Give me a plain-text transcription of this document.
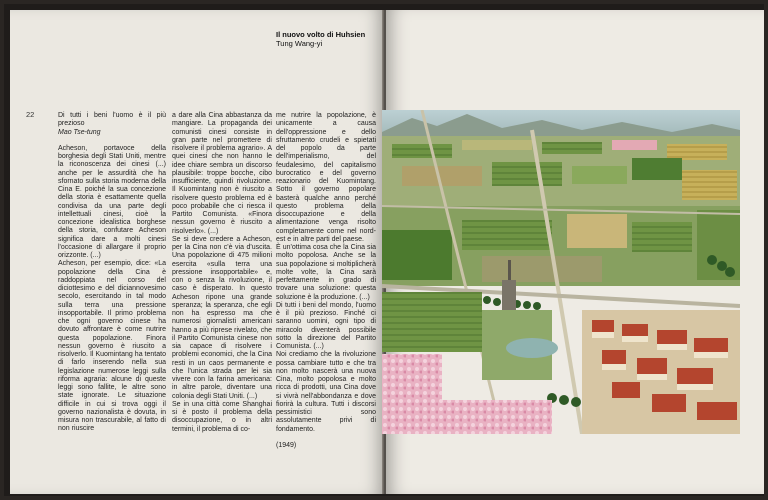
22
Il nuovo volto di Huhsien
Tung Wang-yi

Di tutti i beni l'uomo è il più prezioso

Mao Tse-tung

Acheson, portavoce della borghesia degli Stati Uniti, mentre la riconoscenza dei cinesi (...) anche per le assurdità che ha sfornato sulla storia moderna della Cina E. poiché la sua concezione della storia è esattamente quella condivisa da una parte degli intellettuali cinesi, cioè la concezione idealistica borghese della storia, confutare Acheson significa dare a molti cinesi l'occasione di allargare il proprio orizzonte. (...)

Acheson, per esempio, dice: «La popolazione della Cina è raddoppiata nel corso del diciottesimo e del diciannovesimo secolo, esercitando in tal modo sulla terra una pressione insopportabile. Il primo problema che ogni governo cinese ha dovuto affrontare è come nutrire questa popolazione. Finora nessun governo è riuscito a risolverlo. Il Kuomintang ha tentato di farlo inserendo nella sua legislazione numerose leggi sulla riforma agraria: alcune di queste leggi sono fallite, le altre sono state ignorate. Le situazione difficile in cui si trova oggi il governo nazionalista è dovuta, in misura non trascurabile, al fatto di non riuscire

a dare alla Cina abbastanza da mangiare. La propaganda dei comunisti cinesi consiste in gran parte nel promettere di risolvere il problema agrario». A quei cinesi che non hanno le idee chiare sembra un discorso plausibile: troppe bocche, cibo insufficiente, quindi rivoluzione. Il Kuomintang non è riuscito a risolvere questo problema ed è poco probabile che ci riesca il Partito Comunista. «Finora nessun governo è riuscito a risolverlo». (...)

Se si deve credere a Acheson, per la Cina non c'è via d'uscita. Una popolazione di 475 milioni esercita «sulla terra una pressione insopportabile» e, con o senza la rivoluzione, il caso è disperato. In questo Acheson ripone una grande speranza; la speranza, che egli non ha espresso ma che numerosi giornalisti americani hanno a più riprese rivelato, che il Partito Comunista cinese non sia capace di risolvere i problemi economici, che la Cina resti in un caos permanente e che l'unica strada per lei sia vivere con la farina americana: in altre parole, diventare una colonia degli Stati Uniti. (...)

Se in una città come Shanghai si è posto il problema della disoccupazione, o in altri termini, il problema di co-

me nutrire la popolazione, è unicamente a causa dell'oppressione e dello sfruttamento crudeli e spietati del popolo da parte dell'imperialismo, del feudalesimo, del capitalismo burocratico e del governo reazionario del Kuomintang. Sotto il governo popolare basterà qualche anno perché questo problema della disoccupazione e della alimentazione venga risolto completamente come nel nord-est e in altre parti del paese.

È un'ottima cosa che la Cina sia molto popolosa. Anche se la sua popolazione si moltiplicherà molte volte, la Cina sarà perfettamente in grado di trovare una soluzione: questa soluzione è la produzione. (...)

Di tutti i beni del mondo, l'uomo è il più prezioso. Finché ci saranno uomini, ogni tipo di miracolo diventerà possibile sotto la direzione del Partito Comunista. (...)

Noi crediamo che la rivoluzione possa cambiare tutto e che tra non molto nascerà una nuova Cina, molto popolosa e molto ricca di prodotti, una Cina dove si vivrà nell'abbondanza e dove fiorirà la cultura. Tutti i discorsi pessimistici sono assolutamente privi di fondamento.

(1949)
